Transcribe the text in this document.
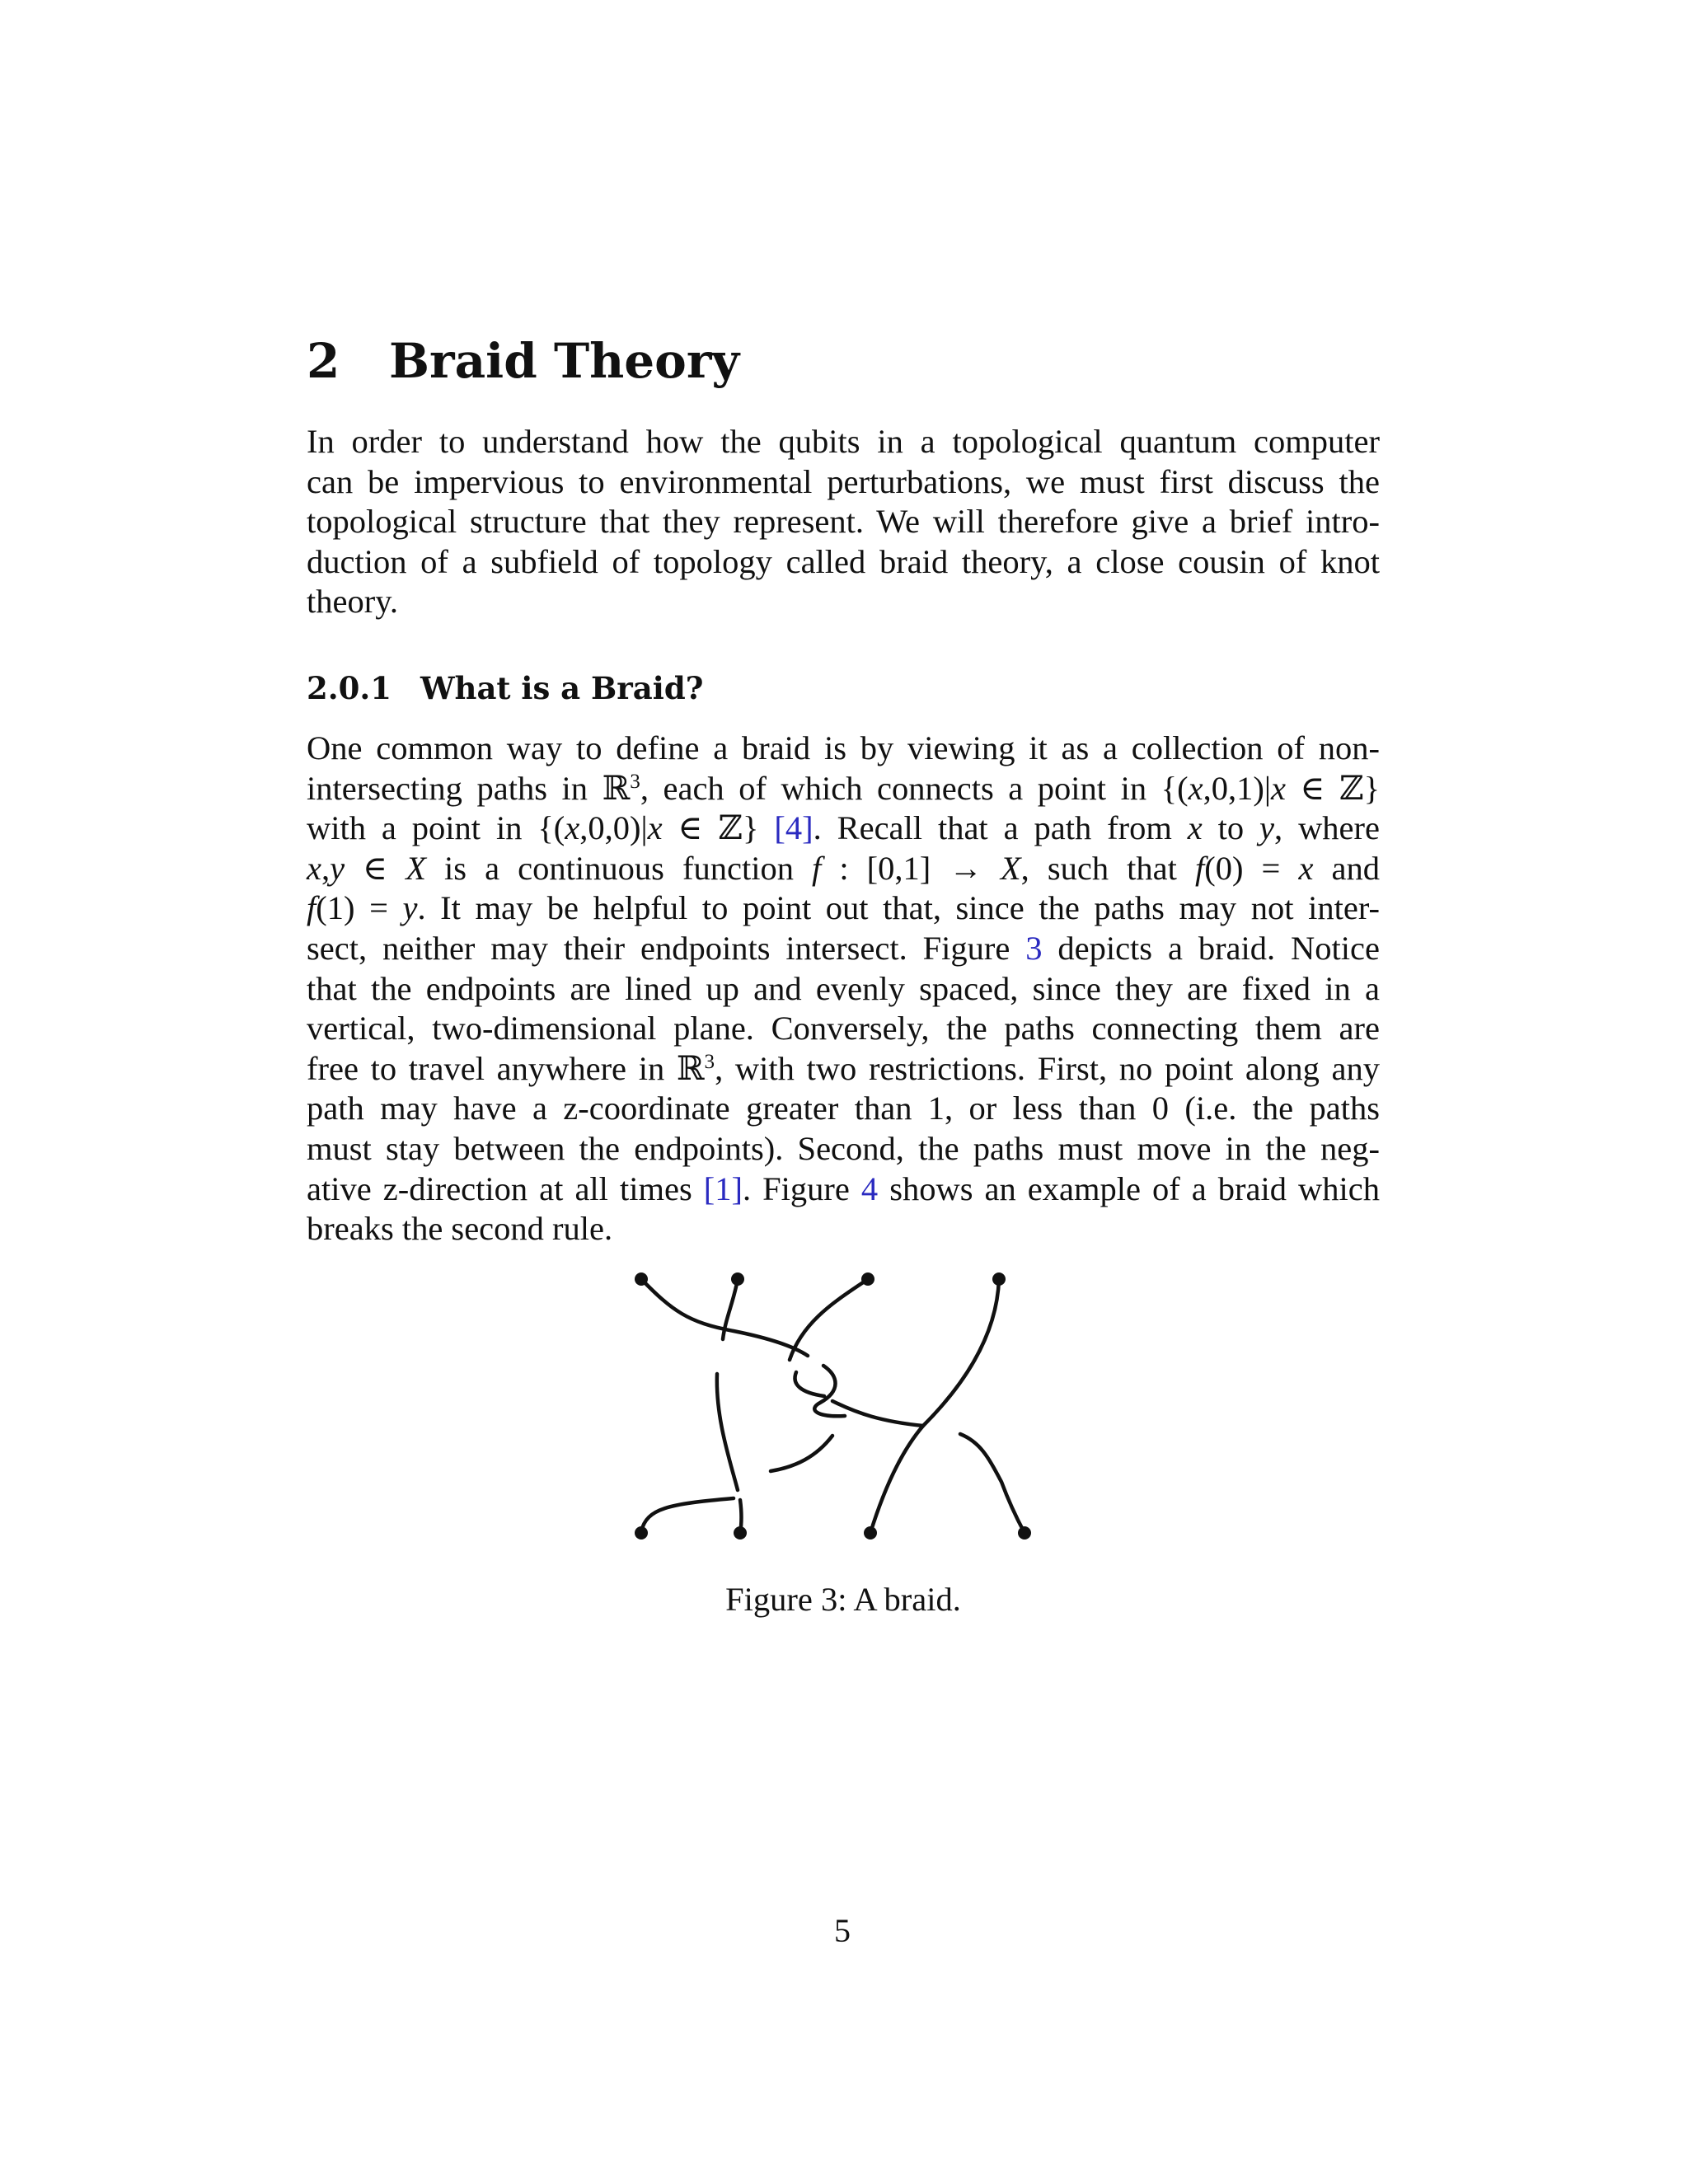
2 Braid Theory

In order to understand how the qubits in a topological quantum computer
can be impervious to environmental perturbations, we must first discuss the
topological structure that they represent. We will therefore give a brief intro-
duction of a subfield of topology called braid theory, a close cousin of knot
theory.

2.0.1 What is a Braid?

One common way to define a braid is by viewing it as a collection of non-
intersecting paths in ℝ$^3$, each of which connects a point in {(x,0,1)|x ∈ ℤ}
with a point in {(x,0,0)|x ∈ ℤ} [4]. Recall that a path from x to y, where
x,y ∈ X is a continuous function f : [0,1] → X, such that f(0) = x and
f(1) = y. It may be helpful to point out that, since the paths may not inter-
sect, neither may their endpoints intersect. Figure 3 depicts a braid. Notice
that the endpoints are lined up and evenly spaced, since they are fixed in a
vertical, two-dimensional plane. Conversely, the paths connecting them are
free to travel anywhere in ℝ$^3$, with two restrictions. First, no point along any
path may have a z-coordinate greater than 1, or less than 0 (i.e. the paths
must stay between the endpoints). Second, the paths must move in the neg-
ative z-direction at all times [1]. Figure 4 shows an example of a braid which
breaks the second rule.

Figure 3: A braid.
5
